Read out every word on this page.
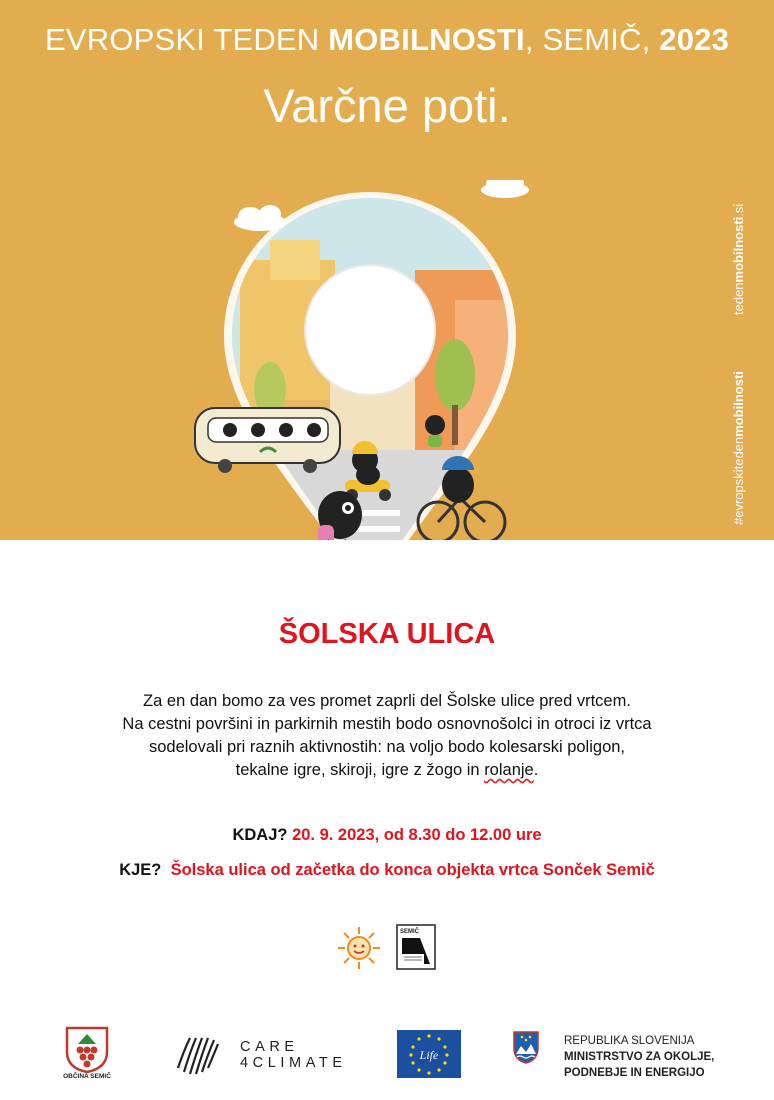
EVROPSKI TEDEN MOBILNOSTI, SEMIČ, 2023
Varčne poti.
tedenmobilnosti.si
#evropskitedenmobilnosti
ŠOLSKA ULICA
Za en dan bomo za ves promet zaprli del Šolske ulice pred vrtcem.
Na cestni površini in parkirnih mestih bodo osnovnošolci in otroci iz vrtca
sodelovali pri raznih aktivnostih: na voljo bodo kolesarski poligon,
tekalne igre, skiroji, igre z žogo in rolanje.
KDAJ? 20. 9. 2023, od 8.30 do 12.00 ure
KJE? Šolska ulica od začetka do konca objekta vrtca Sonček Semič
SEMIČ
OBČINA SEMIČ
CARE
4CLIMATE	Life
REPUBLIKA SLOVENIJA
MINISTRSTVO ZA OKOLJE,
PODNEBJE IN ENERGIJO
